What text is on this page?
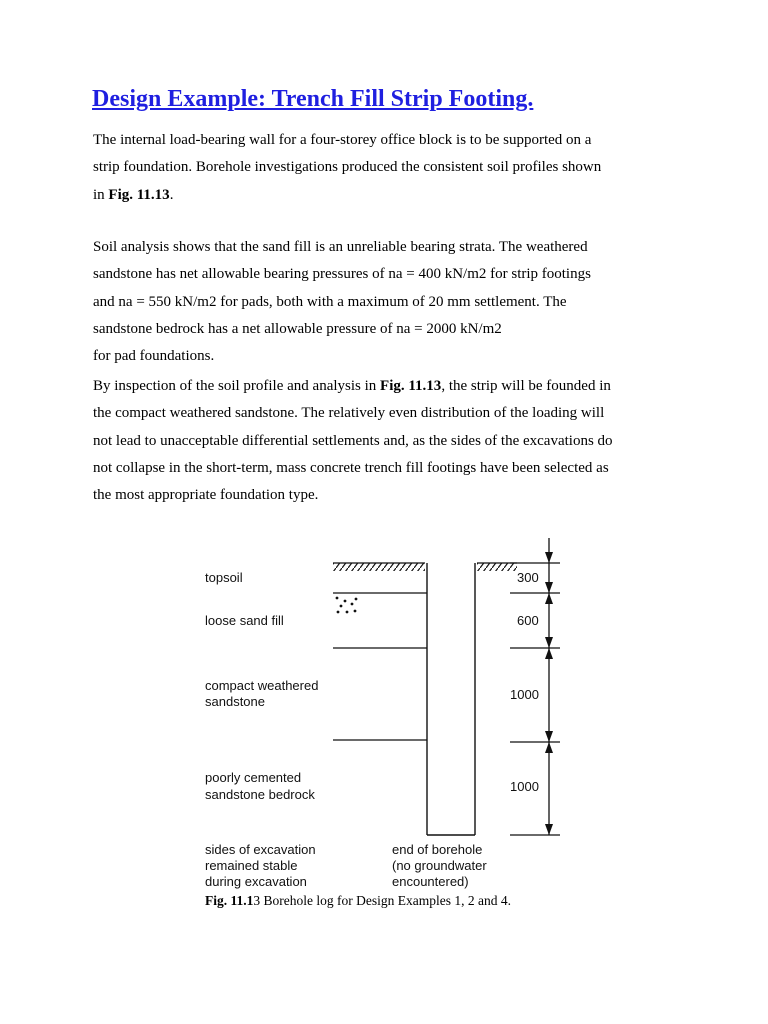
Design Example: Trench Fill Strip Footing.

The internal load-bearing wall for a four-storey office block is to be supported on a
strip foundation. Borehole investigations produced the consistent soil profiles shown
in Fig. 11.13.

Soil analysis shows that the sand fill is an unreliable bearing strata. The weathered
sandstone has net allowable bearing pressures of na = 400 kN/m2 for strip footings
and na = 550 kN/m2 for pads, both with a maximum of 20 mm settlement. The
sandstone bedrock has a net allowable pressure of na = 2000 kN/m2
for pad foundations.

By inspection of the soil profile and analysis in Fig. 11.13, the strip will be founded in
the compact weathered sandstone. The relatively even distribution of the loading will
not lead to unacceptable differential settlements and, as the sides of the excavations do
not collapse in the short-term, mass concrete trench fill footings have been selected as
the most appropriate foundation type.

300
600
1000
1000
topsoil
loose sand fill
compact weathered
sandstone
poorly cemented
sandstone bedrock
sides of excavation
remained stable
during excavation
end of borehole
(no groundwater
encountered)

Fig. 11.13 Borehole log for Design Examples 1, 2 and 4.
